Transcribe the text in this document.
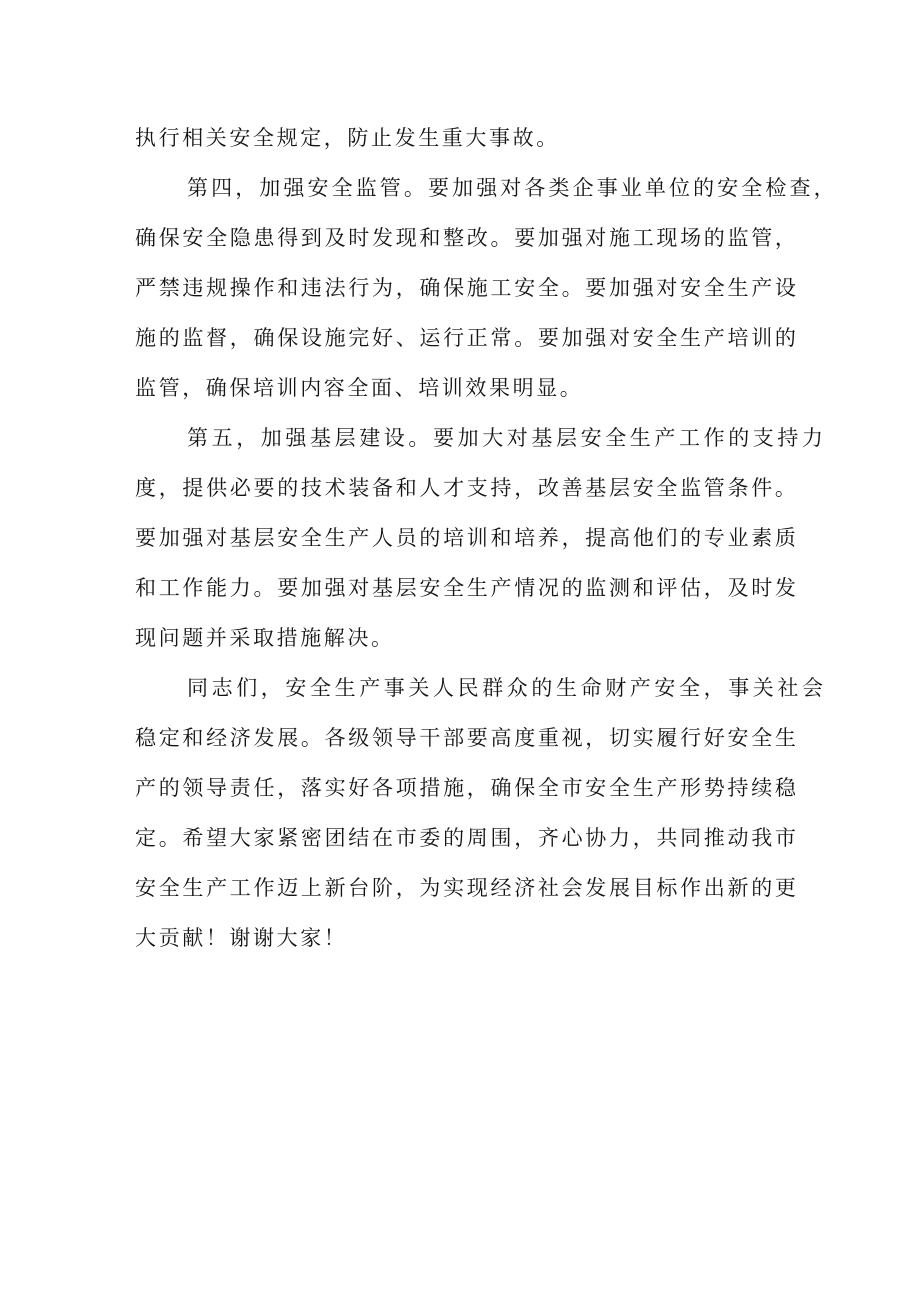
执行相关安全规定，防止发生重大事故。
第四，加强安全监管。要加强对各类企事业单位的安全检查，
确保安全隐患得到及时发现和整改。要加强对施工现场的监管，
严禁违规操作和违法行为，确保施工安全。要加强对安全生产设
施的监督，确保设施完好、运行正常。要加强对安全生产培训的
监管，确保培训内容全面、培训效果明显。
第五，加强基层建设。要加大对基层安全生产工作的支持力
度，提供必要的技术装备和人才支持，改善基层安全监管条件。
要加强对基层安全生产人员的培训和培养，提高他们的专业素质
和工作能力。要加强对基层安全生产情况的监测和评估，及时发
现问题并采取措施解决。
同志们，安全生产事关人民群众的生命财产安全，事关社会
稳定和经济发展。各级领导干部要高度重视，切实履行好安全生
产的领导责任，落实好各项措施，确保全市安全生产形势持续稳
定。希望大家紧密团结在市委的周围，齐心协力，共同推动我市
安全生产工作迈上新台阶，为实现经济社会发展目标作出新的更
大贡献！谢谢大家！
